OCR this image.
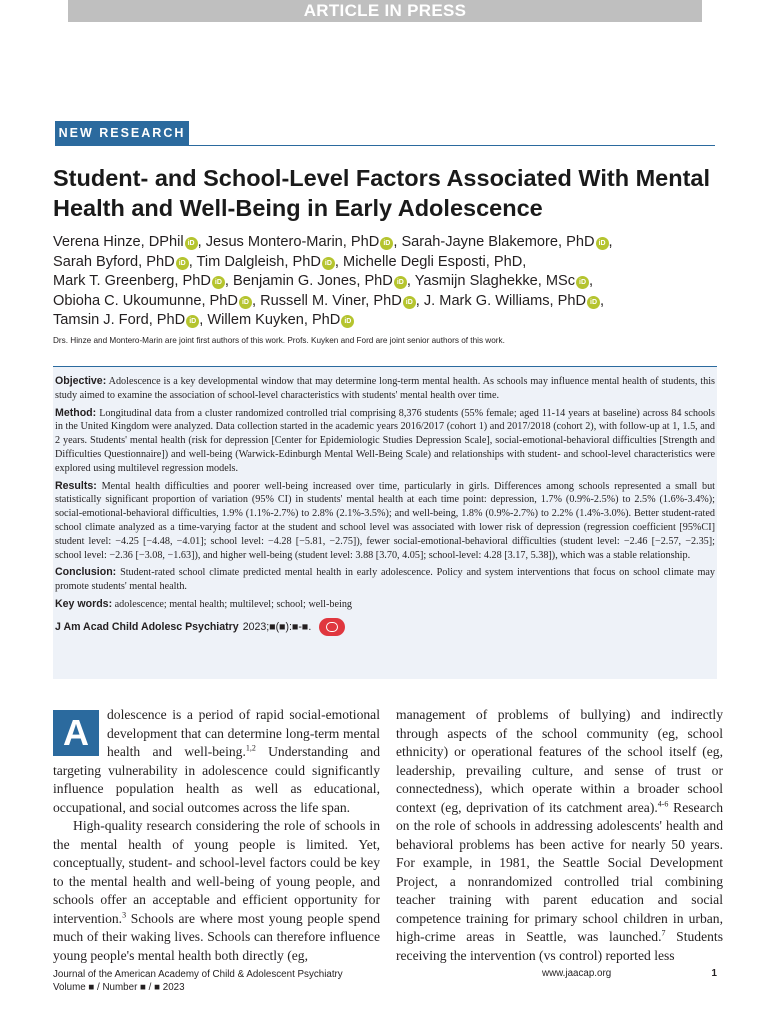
ARTICLE IN PRESS
NEW RESEARCH
Student- and School-Level Factors Associated With Mental Health and Well-Being in Early Adolescence
Verena Hinze, DPhil iD , Jesus Montero-Marin, PhD iD , Sarah-Jayne Blakemore, PhD iD ,
Sarah Byford, PhD iD , Tim Dalgleish, PhD iD , Michelle Degli Esposti, PhD,
Mark T. Greenberg, PhD iD , Benjamin G. Jones, PhD iD , Yasmijn Slaghekke, MSc iD ,
Obioha C. Ukoumunne, PhD iD , Russell M. Viner, PhD iD , J. Mark G. Williams, PhD iD ,
Tamsin J. Ford, PhD iD , Willem Kuyken, PhD iD
Drs. Hinze and Montero-Marin are joint first authors of this work. Profs. Kuyken and Ford are joint senior authors of this work.

Objective: Adolescence is a key developmental window that may determine long-term mental health. As schools may influence mental health of students, this study aimed to examine the association of school-level characteristics with students' mental health over time.

Method: Longitudinal data from a cluster randomized controlled trial comprising 8,376 students (55% female; aged 11-14 years at baseline) across 84 schools in the United Kingdom were analyzed. Data collection started in the academic years 2016/2017 (cohort 1) and 2017/2018 (cohort 2), with follow-up at 1, 1.5, and 2 years. Students' mental health (risk for depression [Center for Epidemiologic Studies Depression Scale], social-emotional-behavioral difficulties [Strength and Difficulties Questionnaire]) and well-being (Warwick-Edinburgh Mental Well-Being Scale) and relationships with student- and school-level characteristics were explored using multilevel regression models.

Results: Mental health difficulties and poorer well-being increased over time, particularly in girls. Differences among schools represented a small but statistically significant proportion of variation (95% CI) in students' mental health at each time point: depression, 1.7% (0.9%-2.5%) to 2.5% (1.6%-3.4%); social-emotional-behavioral difficulties, 1.9% (1.1%-2.7%) to 2.8% (2.1%-3.5%); and well-being, 1.8% (0.9%-2.7%) to 2.2% (1.4%-3.0%). Better student-rated school climate analyzed as a time-varying factor at the student and school level was associated with lower risk of depression (regression coefficient [95%CI] student level: −4.25 [−4.48, −4.01]; school level: −4.28 [−5.81, −2.75]), fewer social-emotional-behavioral difficulties (student level: −2.46 [−2.57, −2.35]; school level: −2.36 [−3.08, −1.63]), and higher well-being (student level: 3.88 [3.70, 4.05]; school-level: 4.28 [3.17, 5.38]), which was a stable relationship.

Conclusion: Student-rated school climate predicted mental health in early adolescence. Policy and system interventions that focus on school climate may promote students' mental health.

Key words: adolescence; mental health; multilevel; school; well-being

J Am Acad Child Adolesc Psychiatry 2023;■(■):■-■.

A	dolescence is a period of rapid social-emotional development that can determine long-term mental health and well-being.$^{1,2}$ Understanding and targeting vulnerability in adolescence could significantly influence population health as well as educational, occupational, and social outcomes across the life span.

High-quality research considering the role of schools in the mental health of young people is limited. Yet, conceptually, student- and school-level factors could be key to the mental health and well-being of young people, and schools offer an acceptable and efficient opportunity for intervention.$^3$ Schools are where most young people spend much of their waking lives. Schools can therefore influence young people's mental health both directly (eg,

management of problems of bullying) and indirectly through aspects of the school community (eg, school ethnicity) or operational features of the school itself (eg, leadership, prevailing culture, and sense of trust or connectedness), which operate within a broader school context (eg, deprivation of its catchment area).$^{4-6}$ Research on the role of schools in addressing adolescents' health and behavioral problems has been active for nearly 50 years. For example, in 1981, the Seattle Social Development Project, a nonrandomized controlled trial combining teacher training with parent education and social competence training for primary school children in urban, high-crime areas in Seattle, was launched.$^7$ Students receiving the intervention (vs control) reported less

Journal of the American Academy of Child & Adolescent Psychiatry
Volume ■ / Number ■ / ■ 2023
www.jaacap.org	1
